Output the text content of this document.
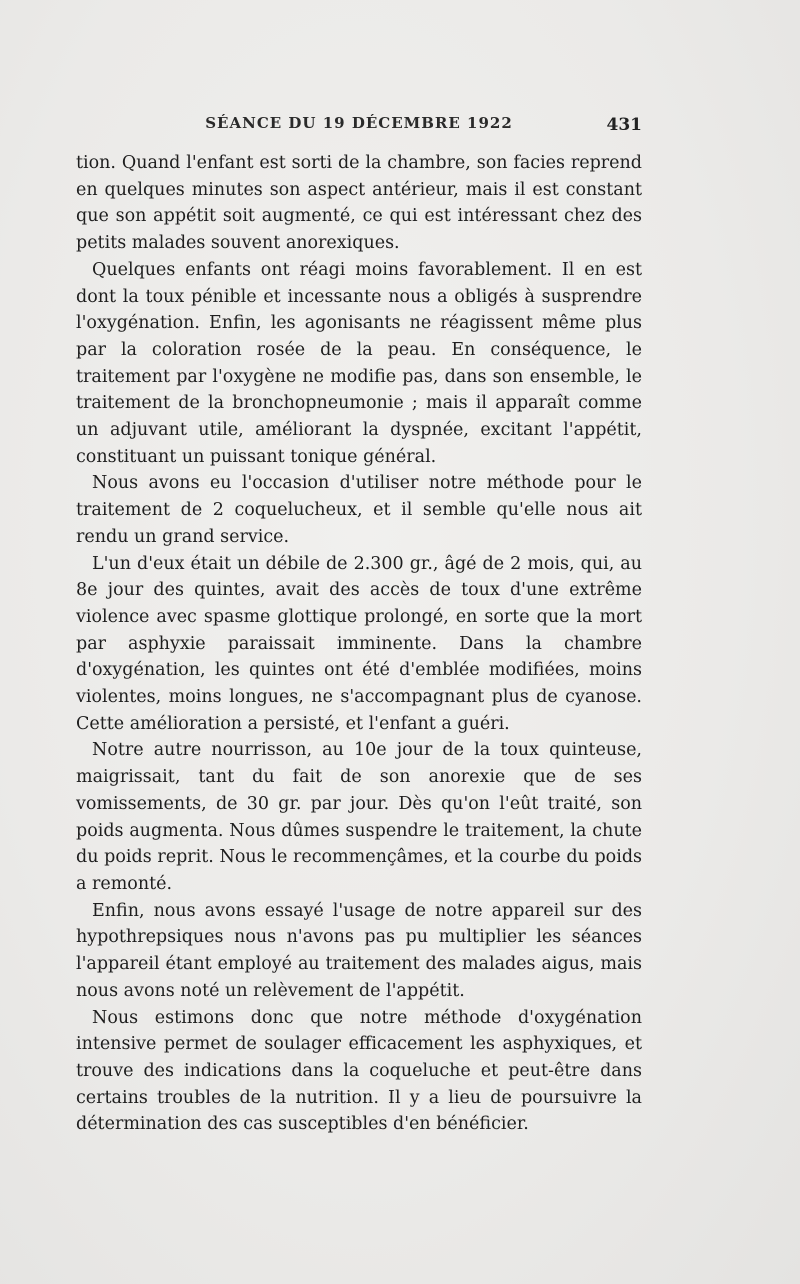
SÉANCE DU 19 DÉCEMBRE 1922	431

tion. Quand l'enfant est sorti de la chambre, son facies reprend en quelques minutes son aspect antérieur, mais il est constant que son appétit soit augmenté, ce qui est intéressant chez des petits malades souvent anorexiques.

Quelques enfants ont réagi moins favorablement. Il en est dont la toux pénible et incessante nous a obligés à susprendre l'oxygénation. Enfin, les agonisants ne réagissent même plus par la coloration rosée de la peau. En conséquence, le traitement par l'oxygène ne modifie pas, dans son ensemble, le traitement de la bronchopneumonie ; mais il apparaît comme un adjuvant utile, améliorant la dyspnée, excitant l'appétit, constituant un puissant tonique général.

Nous avons eu l'occasion d'utiliser notre méthode pour le traitement de 2 coquelucheux, et il semble qu'elle nous ait rendu un grand service.

L'un d'eux était un débile de 2.300 gr., âgé de 2 mois, qui, au 8e jour des quintes, avait des accès de toux d'une extrême violence avec spasme glottique prolongé, en sorte que la mort par asphyxie paraissait imminente. Dans la chambre d'oxygénation, les quintes ont été d'emblée modifiées, moins violentes, moins longues, ne s'accompagnant plus de cyanose. Cette amélioration a persisté, et l'enfant a guéri.

Notre autre nourrisson, au 10e jour de la toux quinteuse, maigrissait, tant du fait de son anorexie que de ses vomissements, de 30 gr. par jour. Dès qu'on l'eût traité, son poids augmenta. Nous dûmes suspendre le traitement, la chute du poids reprit. Nous le recommençâmes, et la courbe du poids a remonté.

Enfin, nous avons essayé l'usage de notre appareil sur des hypothrepsiques nous n'avons pas pu multiplier les séances l'appareil étant employé au traitement des malades aigus, mais nous avons noté un relèvement de l'appétit.

Nous estimons donc que notre méthode d'oxygénation intensive permet de soulager efficacement les asphyxiques, et trouve des indications dans la coqueluche et peut-être dans certains troubles de la nutrition. Il y a lieu de poursuivre la détermination des cas susceptibles d'en bénéficier.
